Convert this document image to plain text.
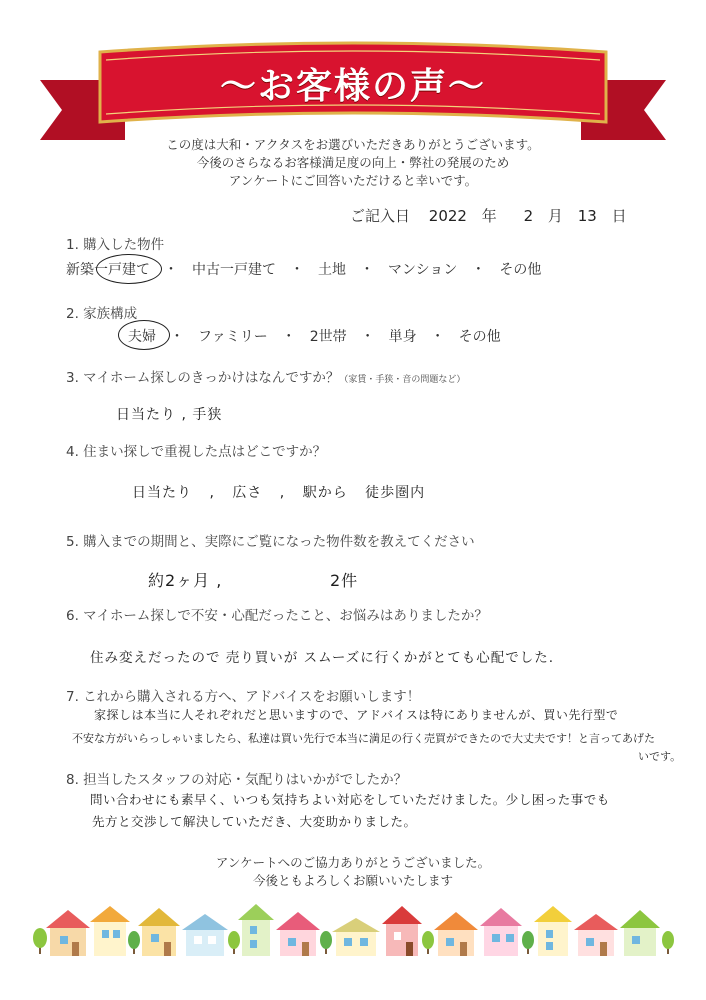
〜お客様の声〜
この度は大和・アクタスをお選びいただきありがとうございます。
今後のさらなるお客様満足度の向上・弊社の発展のため
アンケートにご回答いただけると幸いです。
ご記入日 2022 年 2 月 13 日
1. 購入した物件
新築一戸建て ・ 中古一戸建て ・ 土地 ・ マンション ・ その他
2. 家族構成
夫婦 ・ ファミリー ・ 2世帯 ・ 単身 ・ その他
3. マイホーム探しのきっかけはなんですか？（家賃・手狭・音の問題など）
日当たり , 手狭
4. 住まい探しで重視した点はどこですか？
日当たり , 広さ , 駅から 徒歩圏内
5. 購入までの期間と、実際にご覧になった物件数を教えてください
約2ヶ月 ,	2件
6. マイホーム探しで不安・心配だったこと、お悩みはありましたか？
住み変えだったので 売り買いが スムーズに行くかがとても心配でした.
7. これから購入される方へ、アドバイスをお願いします！
家探しは本当に人それぞれだと思いますので、アドバイスは特にありませんが、買い先行型で
不安な方がいらっしゃいましたら、私達は買い先行で本当に満足の行く売買ができたので大丈夫です！と言ってあげた
いです。
8. 担当したスタッフの対応・気配りはいかがでしたか？
問い合わせにも素早く、いつも気持ちよい対応をしていただけました。少し困った事でも
先方と交渉して解決していただき、大変助かりました。
アンケートへのご協力ありがとうございました。
今後ともよろしくお願いいたします
